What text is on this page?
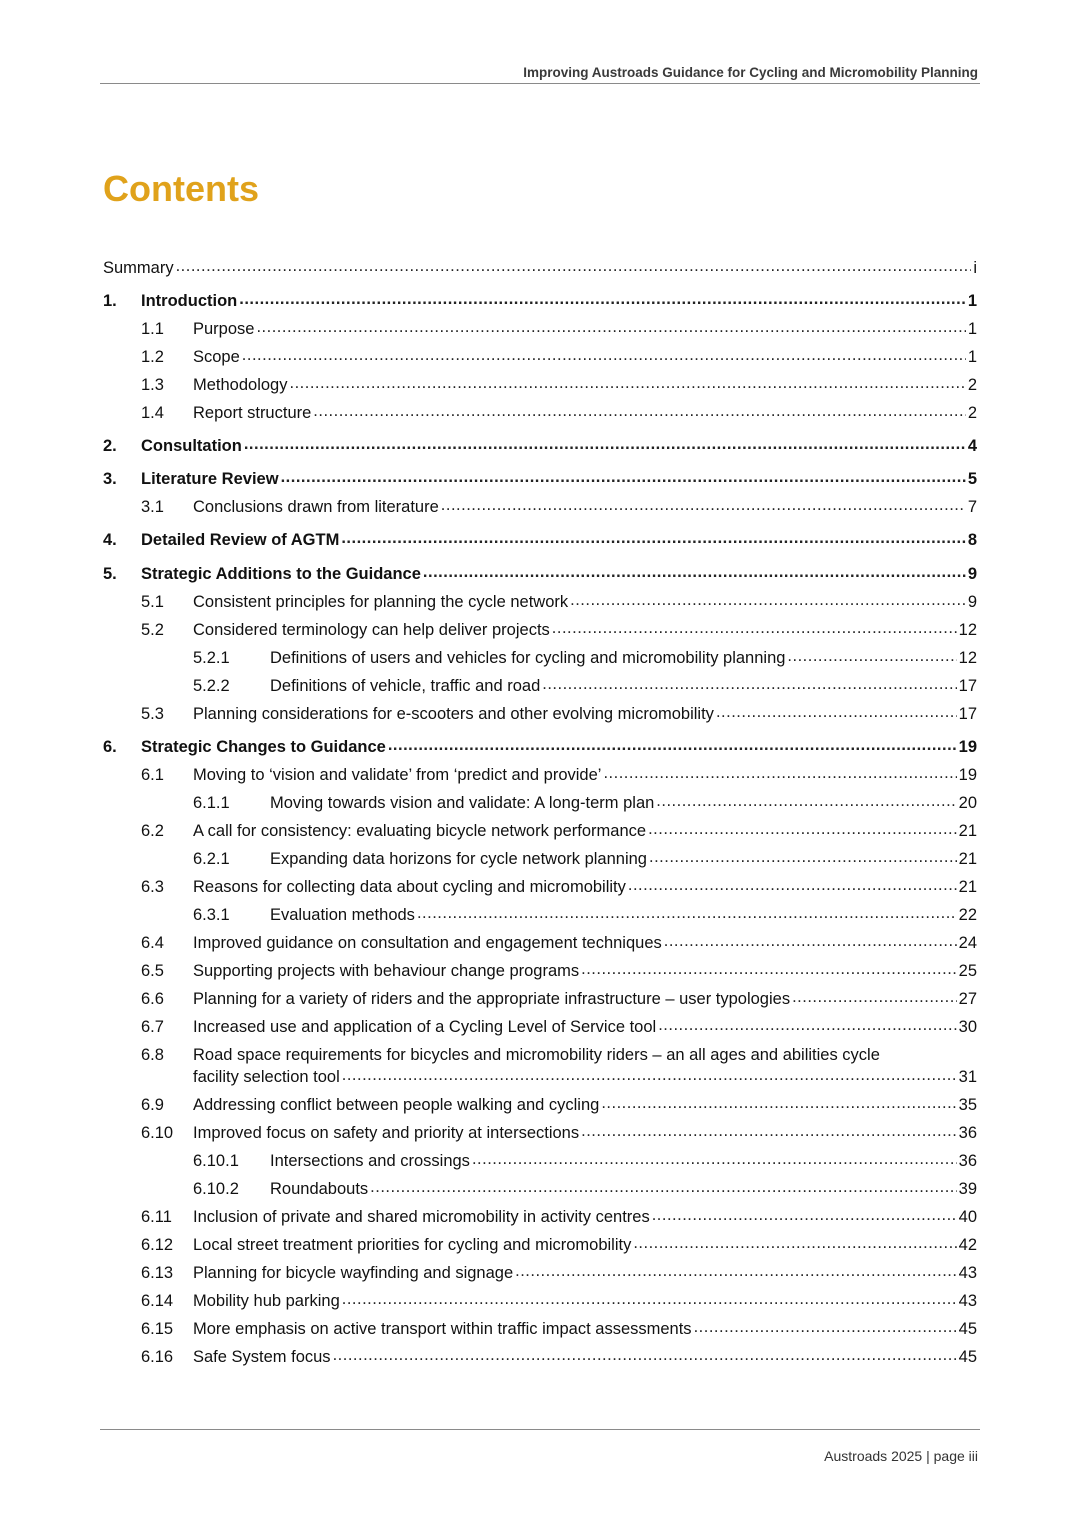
Improving Austroads Guidance for Cycling and Micromobility Planning
Contents
Summary .....	i
1.	Introduction .....	1
1.1	Purpose .....	1
1.2	Scope .....	1
1.3	Methodology .....	2
1.4	Report structure .....	2
2.	Consultation .....	4
3.	Literature Review .....	5
3.1	Conclusions drawn from literature .....	7
4.	Detailed Review of AGTM .....	8
5.	Strategic Additions to the Guidance .....	9
5.1	Consistent principles for planning the cycle network .....	9
5.2	Considered terminology can help deliver projects .....	12
5.2.1	Definitions of users and vehicles for cycling and micromobility planning .....	12
5.2.2	Definitions of vehicle, traffic and road .....	17
5.3	Planning considerations for e-scooters and other evolving micromobility .....	17
6.	Strategic Changes to Guidance .....	19
6.1	Moving to ‘vision and validate’ from ‘predict and provide’ .....	19
6.1.1	Moving towards vision and validate: A long-term plan .....	20
6.2	A call for consistency: evaluating bicycle network performance .....	21
6.2.1	Expanding data horizons for cycle network planning .....	21
6.3	Reasons for collecting data about cycling and micromobility .....	21
6.3.1	Evaluation methods .....	22
6.4	Improved guidance on consultation and engagement techniques .....	24
6.5	Supporting projects with behaviour change programs .....	25
6.6	Planning for a variety of riders and the appropriate infrastructure – user typologies .....	27
6.7	Increased use and application of a Cycling Level of Service tool .....	30
6.8	Road space requirements for bicycles and micromobility riders – an all ages and abilities cycle
facility selection tool .....	31
6.9	Addressing conflict between people walking and cycling .....	35
6.10	Improved focus on safety and priority at intersections .....	36
6.10.1	Intersections and crossings .....	36
6.10.2	Roundabouts .....	39
6.11	Inclusion of private and shared micromobility in activity centres .....	40
6.12	Local street treatment priorities for cycling and micromobility .....	42
6.13	Planning for bicycle wayfinding and signage .....	43
6.14	Mobility hub parking .....	43
6.15	More emphasis on active transport within traffic impact assessments .....	45
6.16	Safe System focus .....	45
Austroads 2025 | page iii
